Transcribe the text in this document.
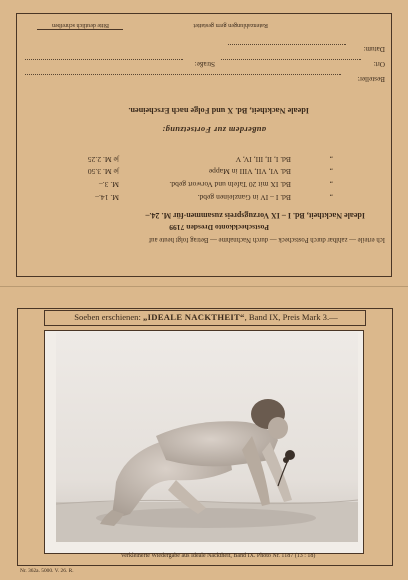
Bitte deutlich schreiben	Ratenzahlungen gern gestattet
Datum:
Ort:
Straße:
Besteller:
Ideale Nacktheit, Bd. X und Folge nach Erscheinen.
außerdem zur Fortsetzung:
„
Bd. I, II, III, IV, V
je M. 2.25
„
Bd. VI, VII, VIII in Mappe
je M. 3.50
„
Bd. IX mit 20 Tafeln und Vorwort gebd.
M. 3.–
„
Bd. I – IV in Ganzleinen gebd.
M. 14.–
Ideale Nacktheit, Bd. I – IX Vorzugspreis zusammen-für M. 24.–
Postscheckkonto Dresden 7199
Ich erteile — zahlbar durch Postscheck — durch Nachnahme — Betrag folgt heute auf
Soeben erschienen: „IDEALE NACKTHEIT“, Band IX, Preis Mark 3.—
Verkleinerte Wiedergabe aus Ideale Nacktheit, Band IX. Photo Nr. 1187 (13 : 18)
Nr. 362a. 5000. V. 26. R.
